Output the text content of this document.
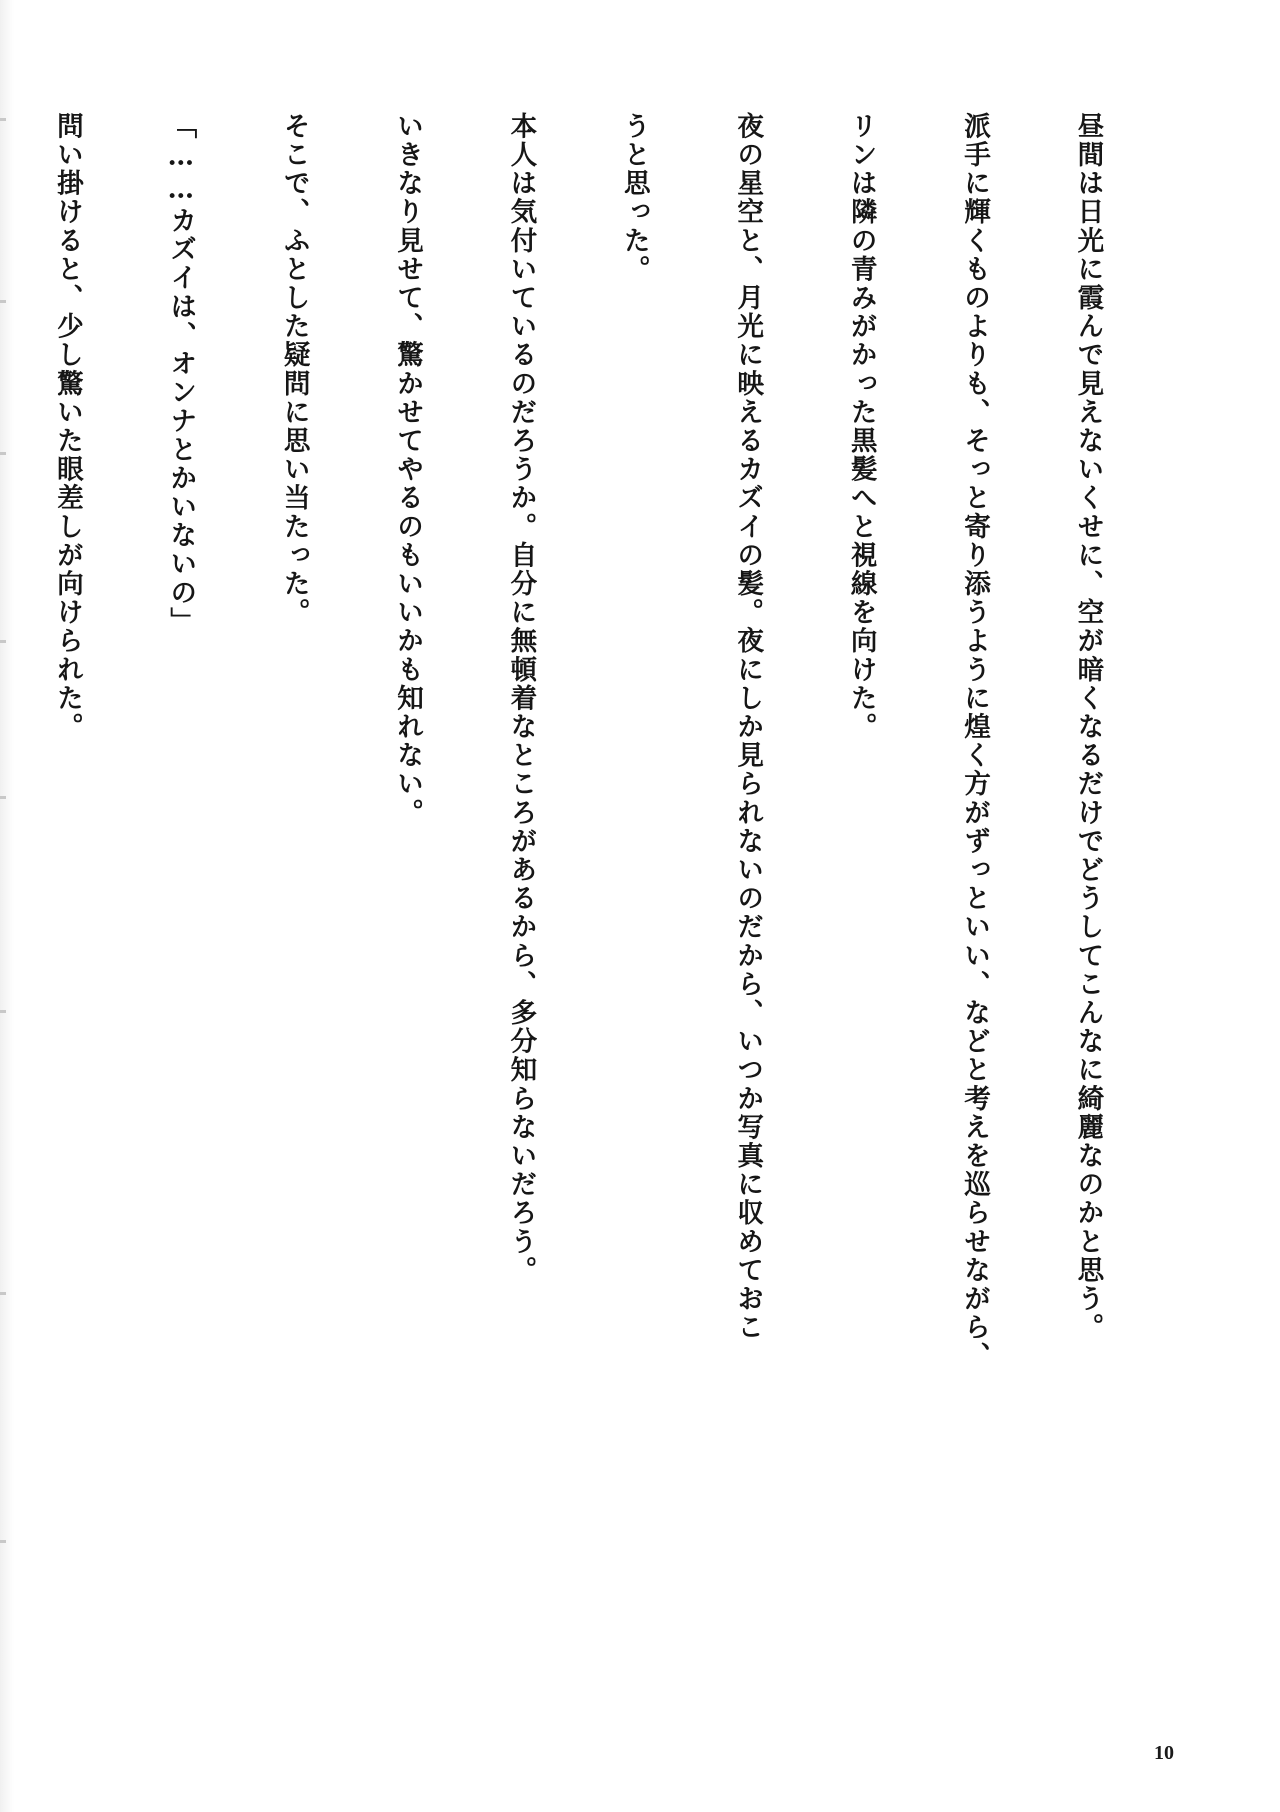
昼間は日光に霞んで見えないくせに、空が暗くなるだけでどうしてこんなに綺麗なのかと思う。

派手に輝くものよりも、そっと寄り添うように煌く方がずっといい、などと考えを巡らせながら、

リンは隣の青みがかった黒髪へと視線を向けた。

夜の星空と、月光に映えるカズイの髪。夜にしか見られないのだから、いつか写真に収めておこ

うと思った。

本人は気付いているのだろうか。自分に無頓着なところがあるから、多分知らないだろう。

いきなり見せて、驚かせてやるのもいいかも知れない。

そこで、ふとした疑問に思い当たった。

「……カズイは、オンナとかいないの」

問い掛けると、少し驚いた眼差しが向けられた。

10
